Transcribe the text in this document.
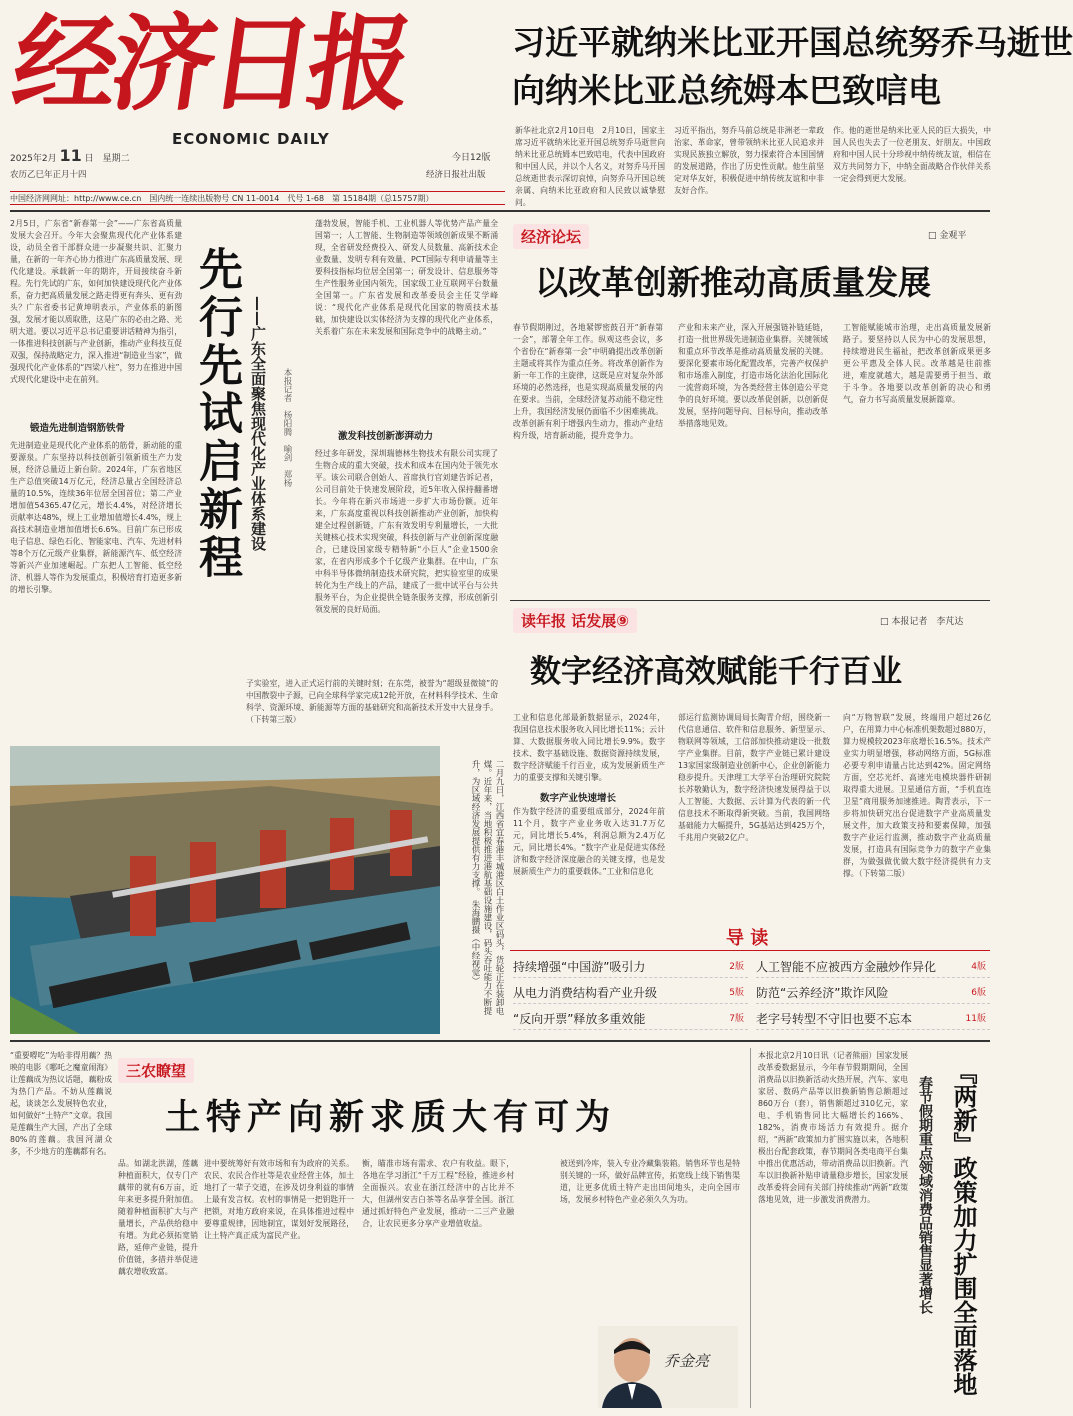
经济日报
ECONOMIC DAILY
2025年2月 11 日　星期二
农历乙巳年正月十四
今日12版
经济日报社出版
中国经济网网址：http://www.ce.cn　国内统一连续出版物号 CN 11-0014　代号 1-68　第 15184期（总15757期）
习近平就纳米比亚开国总统努乔马逝世
向纳米比亚总统姆本巴致唁电
新华社北京2月10日电　2月10日，国家主席习近平就纳米比亚开国总统努乔马逝世向纳米比亚总统姆本巴致唁电，代表中国政府和中国人民，并以个人名义，对努乔马开国总统逝世表示深切哀悼，向努乔马开国总统亲属、向纳米比亚政府和人民致以诚挚慰问。
习近平指出，努乔马前总统是非洲老一辈政治家、革命家，曾带领纳米比亚人民追求并实现民族独立解放，努力探索符合本国国情的发展道路，作出了历史性贡献。他生前坚定对华友好，积极促进中纳传统友谊和中非友好合作。
作。他的逝世是纳米比亚人民的巨大损失，中国人民也失去了一位老朋友、好朋友。中国政府和中国人民十分珍视中纳传统友谊，相信在双方共同努力下，中纳全面战略合作伙伴关系一定会得到更大发展。
2月5日，广东省“新春第一会”——广东省高质量发展大会召开。今年大会聚焦现代化产业体系建设，动员全省干部群众进一步凝聚共识、汇聚力量，在新的一年齐心协力推进广东高质量发展、现代化建设。承载新一年的期许，开局接续奋斗新程。先行先试的广东，如何加快建设现代化产业体系，奋力把高质量发展之路走得更有奔头、更有劲头？广东省委书记黄坤明表示，产业体系的新图强，发展才能以质取胜，这是广东的必由之路、光明大道。要以习近平总书记重要讲话精神为指引，一体推进科技创新与产业创新，推动产业科技互促双强，保持战略定力，深入推进“制造业当家”，做强现代化产业体系的“四梁八柱”，努力在推进中国式现代化建设中走在前列。
锻造先进制造钢筋铁骨
先进制造业是现代化产业体系的筋骨，新动能的重要源泉。广东坚持以科技创新引领新质生产力发展，经济总量迈上新台阶。2024年，广东省地区生产总值突破14万亿元，经济总量占全国经济总量的10.5%，连续36年位居全国首位；第二产业增加值54365.47亿元，增长4.4%，对经济增长贡献率达48%，规上工业增加值增长4.4%，规上高技术制造业增加值增长6.6%。目前广东已形成电子信息、绿色石化、智能家电、汽车、先进材料等8个万亿元级产业集群，新能源汽车、低空经济等新兴产业加速崛起。广东把人工智能、低空经济、机器人等作为发展重点，积极培育打造更多新的增长引擎。
先行先试启新程 ——广东全面聚焦现代化产业体系建设 本报记者　杨阳腾　喻剑　郑杨
蓬勃发展，智能手机、工业机器人等优势产品产量全国第一；人工智能、生物制造等领域创新成果不断涌现，全省研发经费投入、研发人员数量、高新技术企业数量、发明专利有效量、PCT国际专利申请量等主要科技指标均位居全国第一；研发设计、信息服务等生产性服务业国内领先，国家级工业互联网平台数量全国第一。广东省发展和改革委员会主任艾学峰说：“现代化产业体系是现代化国家的物质技术基础，加快建设以实体经济为支撑的现代化产业体系，关系着广东在未来发展和国际竞争中的战略主动。”
激发科技创新澎湃动力
经过多年研发，深圳瑞德林生物技术有限公司实现了生物合成的重大突破，技术和成本在国内处于领先水平。该公司联合创始人、首席执行官刘建告诉记者，公司目前处于快速发展阶段，近5年收入保持翻番增长。今年将在新兴市场进一步扩大市场份额。近年来，广东高度重视以科技创新推动产业创新，加快构建全过程创新链，广东有效发明专利量增长，一大批关键核心技术实现突破，科技创新与产业创新深度融合，已建设国家级专精特新“小巨人”企业1500余家，在省内形成多个千亿级产业集群。在中山，广东中科半导体微纳制造技术研究院，把实验室里的成果转化为生产线上的产品，建成了一批中试平台与公共服务平台，为企业提供全链条服务支撑，形成创新引领发展的良好局面。
子实验室，进入正式运行前的关键时刻；在东莞，被誉为“超级显微镜”的中国散裂中子源，已向全球科学家完成12轮开放，在材料科学技术、生命科学、资源环境、新能源等方面的基础研究和高新技术开发中大显身手。（下转第三版）
二月九日，江西省宜春港丰城港区白土作业区码头，货轮正在装卸电煤。近年来，当地积极推进港航基础设施建设，码头吞吐能力不断提升，为区域经济发展提供有力支撑。　朱海鹏摄（中经视觉）
经济论坛	□ 金观平
以改革创新推动高质量发展
春节假期刚过，各地紧锣密鼓召开“新春第一会”，部署全年工作。纵观这些会议，多个省份在“新春第一会”中明确提出改革创新主题或将其作为重点任务。将改革创新作为新一年工作的主旋律，这既是应对复杂外部环境的必然选择，也是实现高质量发展的内在要求。当前，全球经济复苏动能不稳定性上升，我国经济发展仍面临不少困难挑战。改革创新有利于增强内生动力，推动产业结构升级，培育新动能，提升竞争力。
产业和未来产业，深入开展强链补链延链，打造一批世界级先进制造业集群。关键领域和重点环节改革是推动高质量发展的关键。要深化要素市场化配置改革，完善产权保护和市场准入制度，打造市场化法治化国际化一流营商环境，为各类经营主体创造公平竞争的良好环境。要以改革促创新，以创新促发展，坚持问题导向、目标导向，推动改革举措落地见效。
工智能赋能城市治理，走出高质量发展新路子。要坚持以人民为中心的发展思想，持续增进民生福祉，把改革创新成果更多更公平惠及全体人民。改革越是往前推进，难度就越大，越是需要勇于担当、敢于斗争。各地要以改革创新的决心和勇气，奋力书写高质量发展新篇章。
读年报 话发展⑨	□ 本报记者　李芃达
数字经济高效赋能千行百业
工业和信息化部最新数据显示，2024年，我国信息技术服务收入同比增长11%；云计算、大数据服务收入同比增长9.9%。数字技术、数字基础设施、数据资源持续发展，数字经济赋能千行百业，成为发展新质生产力的重要支撑和关键引擎。
数字产业快速增长
作为数字经济的重要组成部分，2024年前11个月，数字产业业务收入达31.7万亿元，同比增长5.4%，利润总额为2.4万亿元，同比增长4%。“数字产业是促进实体经济和数字经济深度融合的关键支撑，也是发展新质生产力的重要载体。”工业和信息化
部运行监测协调局局长陶青介绍，围绕新一代信息通信、软件和信息服务、新型显示、物联网等领域，工信部加快推动建设一批数字产业集群。目前，数字产业链已累计建设13家国家级制造业创新中心，企业创新能力稳步提升。天津理工大学平台治理研究院院长苏敬勤认为，数字经济快速发展得益于以人工智能、大数据、云计算为代表的新一代信息技术不断取得新突破。当前，我国网络基础能力大幅提升，5G基站达到425万个，千兆用户突破2亿户。
向“万物智联”发展，终端用户超过26亿户，在用算力中心标准机架数超过880万，算力规模较2023年底增长16.5%。技术产业实力明显增强，移动网络方面，5G标准必要专利申请量占比达到42%。固定网络方面，空芯光纤、高速光电模块器件研制取得重大进展。卫星通信方面，“手机直连卫星”商用服务加速推进。陶青表示，下一步将加快研究出台促进数字产业高质量发展文件，加大政策支持和要素保障，加强数字产业运行监测，推动数字产业高质量发展，打造具有国际竞争力的数字产业集群，为做强做优做大数字经济提供有力支撑。（下转第二版）
导 读
持续增强“中国游”吸引力	2版 人工智能不应被西方金融炒作异化	4版
从电力消费结构看产业升级	5版 防范“云养经济”欺诈风险	6版
“反向开票”释放多重效能	7版 老字号转型不守旧也要不忘本	11版
“重要嘚吃”为哈非得用藕？热映的电影《哪吒之魔童闹海》让莲藕成为热议话题，藕粉成为热门产品。不妨从莲藕说起，谈谈怎么发展特色农业，如何做好“土特产”文章。我国是莲藕生产大国，产出了全球80%的莲藕。我国河湖众多，不少地方的莲藕都有名。
三农瞭望
土特产向新求质大有可为
品。如湖北洪湖，莲藕种植面积大，仅专门产藕带的就有6万亩，近年来更多提升附加值。随着种植面积扩大与产量增长，产品供给稳中有增。为此必须拓宽销路，延伸产业链，提升价值链，多措并举促进藕农增收致富。
进中要统筹好有效市场和有为政府的关系。农民、农民合作社等是农业经营主体，加土地打了一辈子交道，在涉及切身利益的事情上最有发言权。农村的事情是一把钥匙开一把锁，对地方政府来说，在具体推进过程中要尊重规律，因地制宜，谋划好发展路径，让土特产真正成为富民产业。
衡，瞄准市场有需求、农户有收益。眼下，各地在学习浙江“千万工程”经验，推进乡村全面振兴。农业在浙江经济中的占比并不大，但湖州安吉白茶等名品享誉全国。浙江通过抓好特色产业发展，推动一二三产业融合，让农民更多分享产业增值收益。
被送到冷库，装入专业冷藏集装箱。销售环节也是特别关键的一环，做好品牌宣传，拓宽线上线下销售渠道，让更多优质土特产走出田间地头，走向全国市场，发展乡村特色产业必须久久为功。
乔金亮
本报北京2月10日讯（记者熊丽）国家发展改革委数据显示，今年春节假期期间，全国消费品以旧换新活动火热开展，汽车、家电家居、数码产品等以旧换新销售总额超过860万台（套），销售额超过310亿元，家电、手机销售同比大幅增长约166%、182%，消费市场活力有效提升。据介绍，“两新”政策加力扩围实施以来，各地积极出台配套政策，春节期间各类电商平台集中推出优惠活动，带动消费品以旧换新。汽车以旧换新补贴申请量稳步增长，国家发展改革委将会同有关部门持续推动“两新”政策落地见效，进一步激发消费潜力。	『两新』政策加力扩围全面落地
春节假期重点领域消费品销售显著增长
